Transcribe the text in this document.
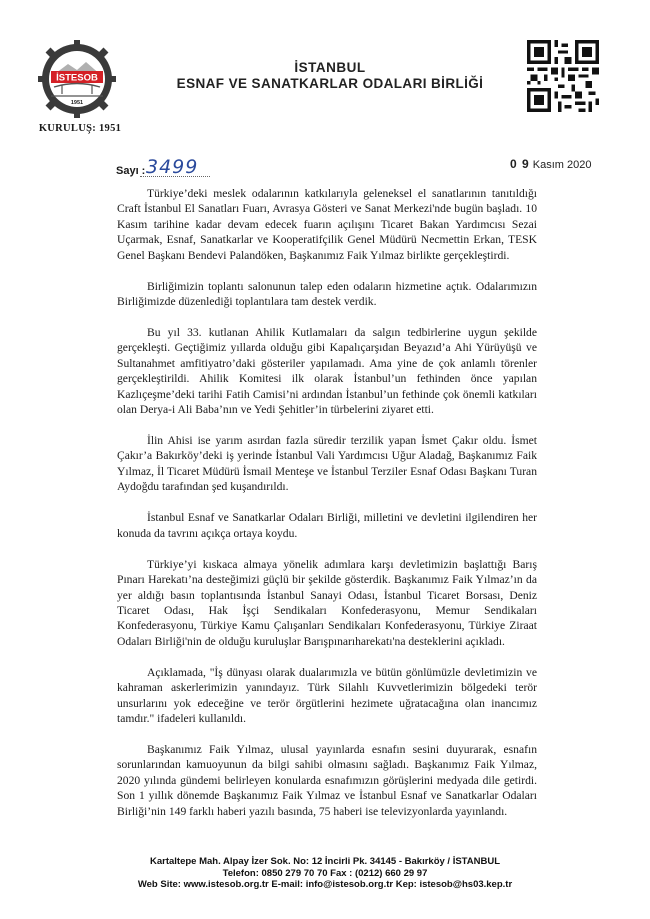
İSTESOB
1951
KURULUŞ: 1951
İSTANBUL
ESNAF VE SANATKARLAR ODALARI BİRLİĞİ
Sayı : 3499	0 9 Kasım 2020

Türkiye’deki meslek odalarının katkılarıyla geleneksel el sanatlarının tanıtıldığı Craft İstanbul El Sanatları Fuarı, Avrasya Gösteri ve Sanat Merkezi'nde bugün başladı. 10 Kasım tarihine kadar devam edecek fuarın açılışını Ticaret Bakan Yardımcısı Sezai Uçarmak, Esnaf, Sanatkarlar ve Kooperatifçilik Genel Müdürü Necmettin Erkan, TESK Genel Başkanı Bendevi Palandöken, Başkanımız Faik Yılmaz birlikte gerçekleştirdi.

Birliğimizin toplantı salonunun talep eden odaların hizmetine açtık. Odalarımızın Birliğimizde düzenlediği toplantılara tam destek verdik.

Bu yıl 33. kutlanan Ahilik Kutlamaları da salgın tedbirlerine uygun şekilde gerçekleşti. Geçtiğimiz yıllarda olduğu gibi Kapalıçarşıdan Beyazıd’a Ahi Yürüyüşü ve Sultanahmet amfitiyatro’daki gösteriler yapılamadı. Ama yine de çok anlamlı törenler gerçekleştirildi. Ahilik Komitesi ilk olarak İstanbul’un fethinden önce yapılan Kazlıçeşme’deki tarihi Fatih Camisi’ni ardından İstanbul’un fethinde çok önemli katkıları olan Derya-i Ali Baba’nın ve Yedi Şehitler’in türbelerini ziyaret etti.

İlin Ahisi ise yarım asırdan fazla süredir terzilik yapan İsmet Çakır oldu. İsmet Çakır’a Bakırköy’deki iş yerinde İstanbul Vali Yardımcısı Uğur Aladağ, Başkanımız Faik Yılmaz, İl Ticaret Müdürü İsmail Menteşe ve İstanbul Terziler Esnaf Odası Başkanı Turan Aydoğdu tarafından şed kuşandırıldı.

İstanbul Esnaf ve Sanatkarlar Odaları Birliği, milletini ve devletini ilgilendiren her konuda da tavrını açıkça ortaya koydu.

Türkiye’yi kıskaca almaya yönelik adımlara karşı devletimizin başlattığı Barış Pınarı Harekatı’na desteğimizi güçlü bir şekilde gösterdik. Başkanımız Faik Yılmaz’ın da yer aldığı basın toplantısında İstanbul Sanayi Odası, İstanbul Ticaret Borsası, Deniz Ticaret Odası, Hak İşçi Sendikaları Konfederasyonu, Memur Sendikaları Konfederasyonu, Türkiye Kamu Çalışanları Sendikaları Konfederasyonu, Türkiye Ziraat Odaları Birliği'nin de olduğu kuruluşlar Barışpınarıharekatı'na desteklerini açıkladı.

Açıklamada, "İş dünyası olarak dualarımızla ve bütün gönlümüzle devletimizin ve kahraman askerlerimizin yanındayız. Türk Silahlı Kuvvetlerimizin bölgedeki terör unsurlarını yok edeceğine ve terör örgütlerini hezimete uğratacağına olan inancımız tamdır." ifadeleri kullanıldı.

Başkanımız Faik Yılmaz, ulusal yayınlarda esnafın sesini duyurarak, esnafın sorunlarından kamuoyunun da bilgi sahibi olmasını sağladı. Başkanımız Faik Yılmaz, 2020 yılında gündemi belirleyen konularda esnafımızın görüşlerini medyada dile getirdi. Son 1 yıllık dönemde Başkanımız Faik Yılmaz ve İstanbul Esnaf ve Sanatkarlar Odaları Birliği’nin 149 farklı haberi yazılı basında, 75 haberi ise televizyonlarda yayınlandı.

Kartaltepe Mah. Alpay İzer Sok. No: 12 İncirli Pk. 34145 - Bakırköy / İSTANBUL
Telefon: 0850 279 70 70 Fax : (0212) 660 29 97
Web Site: www.istesob.org.tr E-mail: info@istesob.org.tr Kep: istesob@hs03.kep.tr
